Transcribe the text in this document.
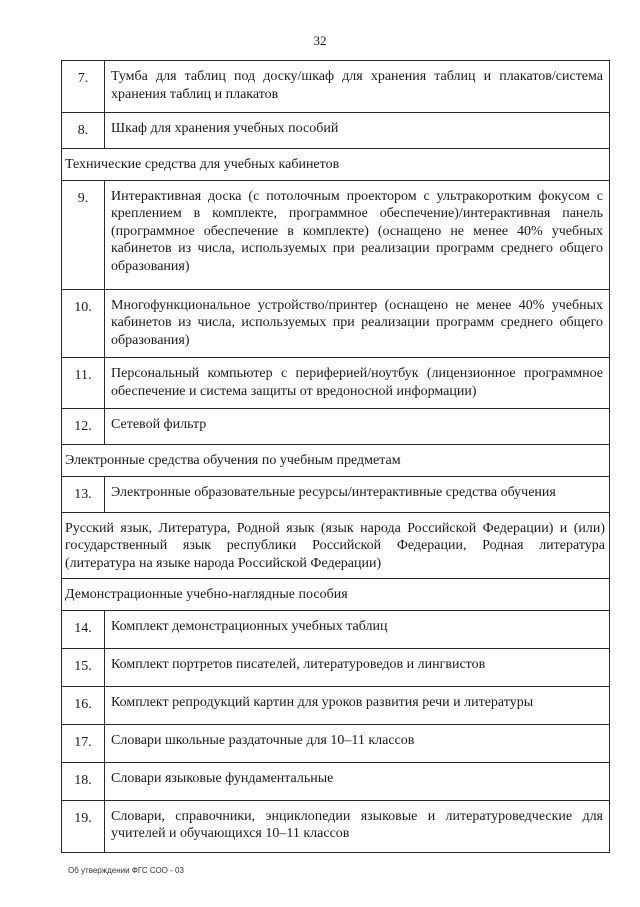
32
7.	Тумба для таблиц под доску/шкаф для хранения таблиц и плакатов/система хранения таблиц и плакатов
8.	Шкаф для хранения учебных пособий
Технические средства для учебных кабинетов	
9.	Интерактивная доска (с потолочным проектором с ультракоротким фокусом с креплением в комплекте, программное обеспечение)/интерактивная панель (программное обеспечение в комплекте) (оснащено не менее 40% учебных кабинетов из числа, используемых при реализации программ среднего общего образования)
10.	Многофункциональное устройство/принтер (оснащено не менее 40% учебных кабинетов из числа, используемых при реализации программ среднего общего образования)
11.	Персональный компьютер с периферией/ноутбук (лицензионное программное обеспечение и система защиты от вредоносной информации)
12.	Сетевой фильтр
Электронные средства обучения по учебным предметам	
13.	Электронные образовательные ресурсы/интерактивные средства обучения
Русский язык, Литература, Родной язык (язык народа Российской Федерации) и (или) государственный язык республики Российской Федерации, Родная литература (литература на языке народа Российской Федерации)	
Демонстрационные учебно-наглядные пособия	
14.	Комплект демонстрационных учебных таблиц
15.	Комплект портретов писателей, литературоведов и лингвистов
16.	Комплект репродукций картин для уроков развития речи и литературы
17.	Словари школьные раздаточные для 10–11 классов
18.	Словари языковые фундаментальные
19.	Словари, справочники, энциклопедии языковые и литературоведческие для учителей и обучающихся 10–11 классов
Об утверждении ФГС СОО - 03
